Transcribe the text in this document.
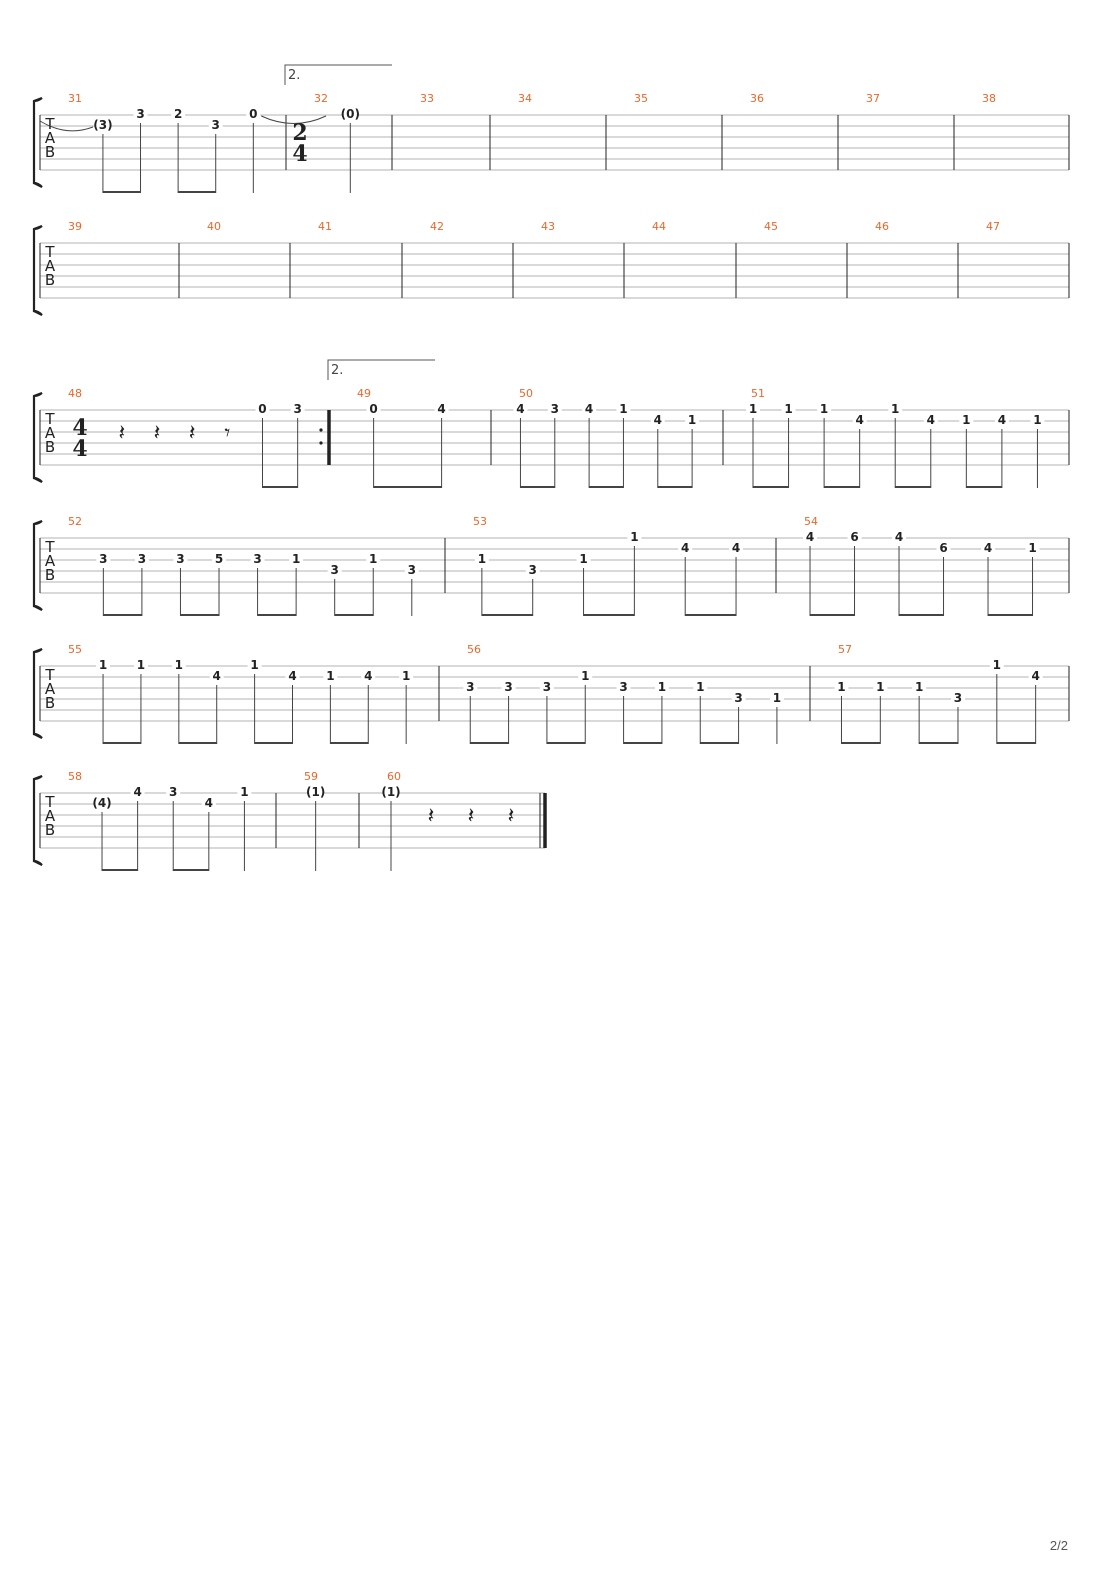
T
A
B
31
(3)
3 2
3
0
32
2.
2
4
(0)
33	34	35	36	37	38
T
A
B
39	40	41	42	43	44	45	46	47
T
A
B
48
4
4
𝄽 𝄽 𝄽 𝄾
0 3
49
2.
0	4
50
4 3 4 1
4 1
51
1 1 1
4
1
4 1 4 1
T
A
B
52
3	3	3	5	3	1
3
1
3
53
1
3
1
1
4	4
54
4	6	4
6	4	1
T
A
B
55
1 1 1
4
1
4 1 4 1
56
3 3 3
1
3 1 1
3 1
57
1	1	1
3
1
4
T
A
B
58
(4)
4 3
4
1
59
(1)
60
(1)
𝄽 𝄽 𝄽
2/2
